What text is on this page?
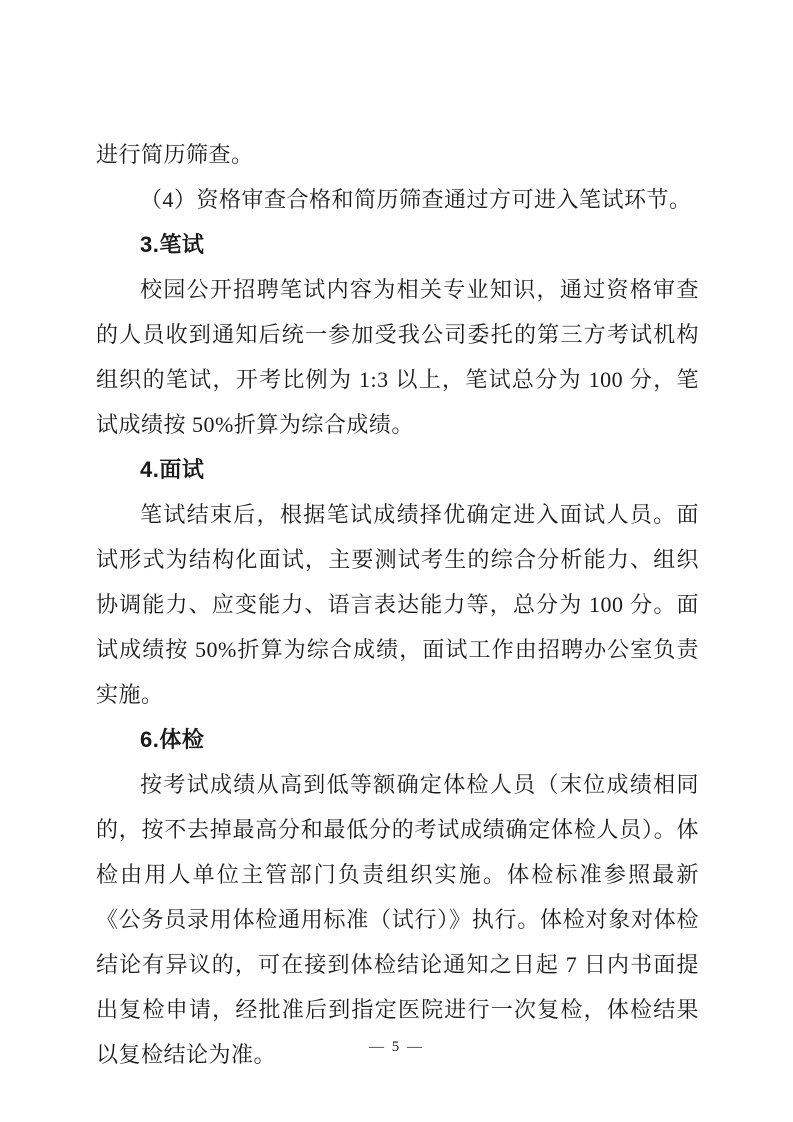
进行简历筛查。

（4）资格审查合格和简历筛查通过方可进入笔试环节。

3.笔试

校园公开招聘笔试内容为相关专业知识，通过资格审查的人员收到通知后统一参加受我公司委托的第三方考试机构组织的笔试，开考比例为 1:3 以上，笔试总分为 100 分，笔试成绩按 50%折算为综合成绩。

4.面试

笔试结束后，根据笔试成绩择优确定进入面试人员。面试形式为结构化面试，主要测试考生的综合分析能力、组织协调能力、应变能力、语言表达能力等，总分为 100 分。面试成绩按 50%折算为综合成绩，面试工作由招聘办公室负责实施。

6.体检

按考试成绩从高到低等额确定体检人员（末位成绩相同的，按不去掉最高分和最低分的考试成绩确定体检人员）。体检由用人单位主管部门负责组织实施。体检标准参照最新《公务员录用体检通用标准（试行）》执行。体检对象对体检结论有异议的，可在接到体检结论通知之日起 7 日内书面提出复检申请，经批准后到指定医院进行一次复检，体检结果以复检结论为准。	— 5 —
